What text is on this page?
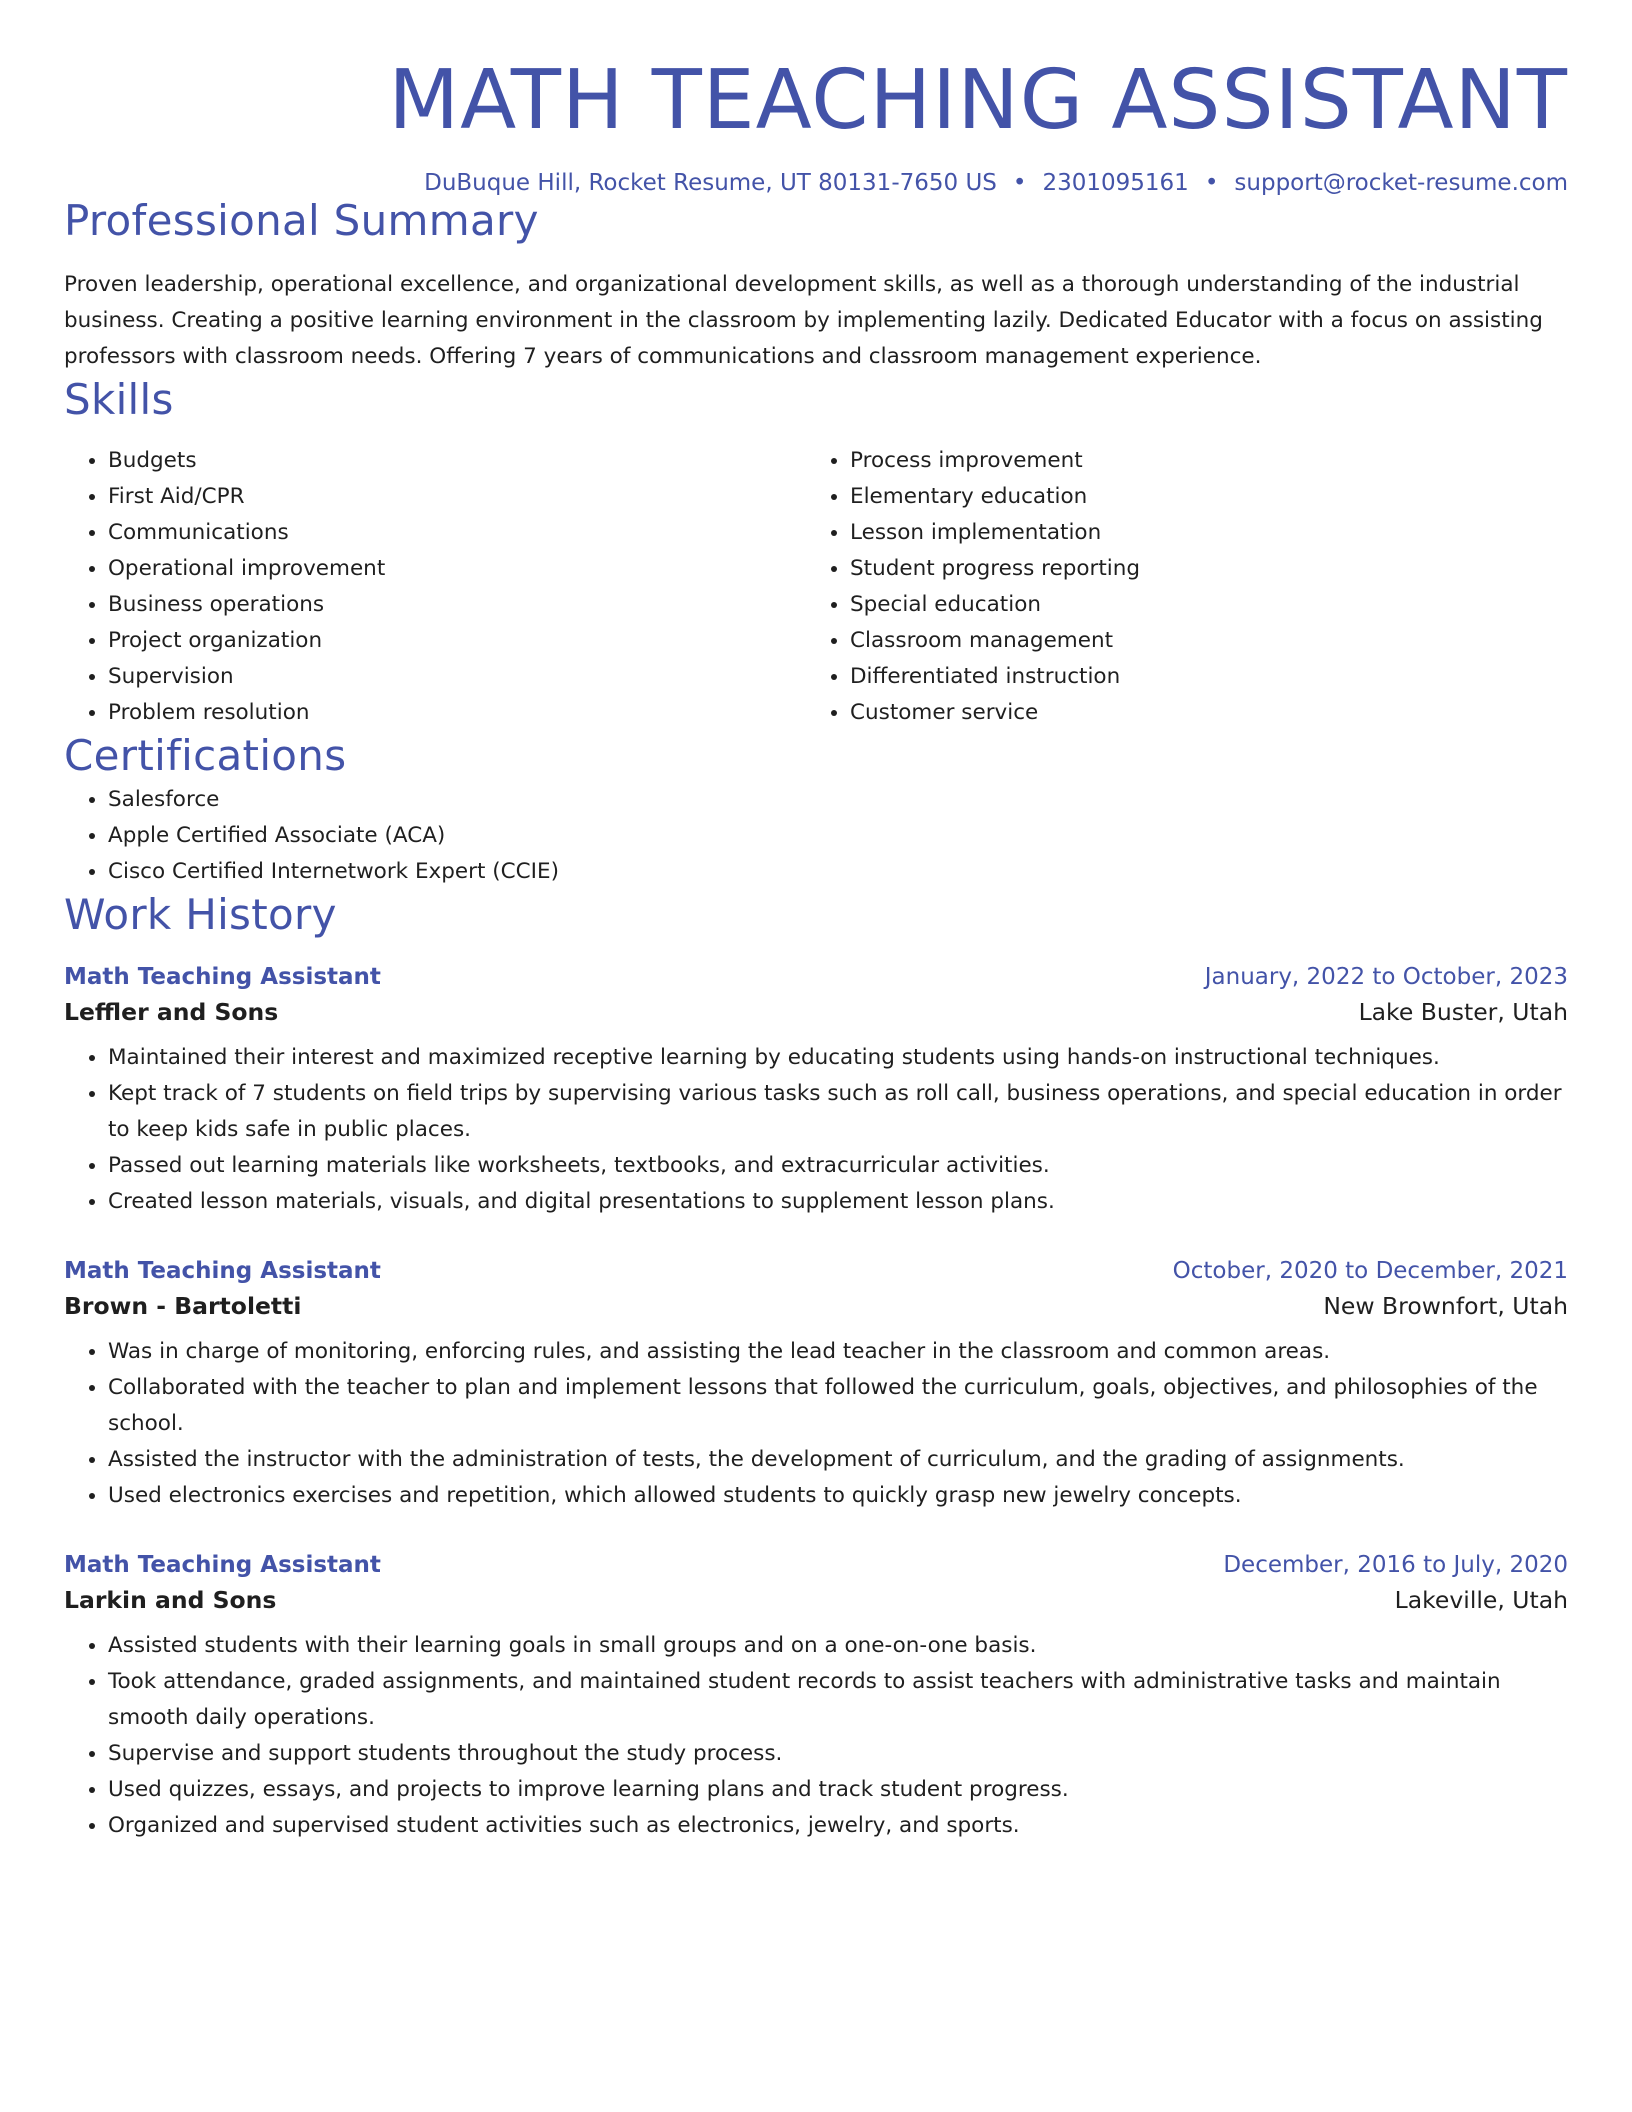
MATH TEACHING ASSISTANT
DuBuque Hill, Rocket Resume, UT 80131-7650 US • 2301095161 • support@rocket-resume.com
Professional Summary
Proven leadership, operational excellence, and organizational development skills, as well as a thorough understanding of the industrial business. Creating a positive learning environment in the classroom by implementing lazily. Dedicated Educator with a focus on assisting professors with classroom needs. Offering 7 years of communications and classroom management experience.
Skills
• Budgets
• First Aid/CPR
• Communications
• Operational improvement
• Business operations
• Project organization
• Supervision
• Problem resolution
• Process improvement
• Elementary education
• Lesson implementation
• Student progress reporting
• Special education
• Classroom management
• Differentiated instruction
• Customer service
Certifications
• Salesforce
• Apple Certified Associate (ACA)
• Cisco Certified Internetwork Expert (CCIE)
Work History
Math Teaching Assistant	January, 2022 to October, 2023
Leffler and Sons	Lake Buster, Utah
• Maintained their interest and maximized receptive learning by educating students using hands-on instructional techniques.
• Kept track of 7 students on field trips by supervising various tasks such as roll call, business operations, and special education in order to keep kids safe in public places.
• Passed out learning materials like worksheets, textbooks, and extracurricular activities.
• Created lesson materials, visuals, and digital presentations to supplement lesson plans.
Math Teaching Assistant	October, 2020 to December, 2021
Brown - Bartoletti	New Brownfort, Utah
• Was in charge of monitoring, enforcing rules, and assisting the lead teacher in the classroom and common areas.
• Collaborated with the teacher to plan and implement lessons that followed the curriculum, goals, objectives, and philosophies of the school.
• Assisted the instructor with the administration of tests, the development of curriculum, and the grading of assignments.
• Used electronics exercises and repetition, which allowed students to quickly grasp new jewelry concepts.
Math Teaching Assistant	December, 2016 to July, 2020
Larkin and Sons	Lakeville, Utah
• Assisted students with their learning goals in small groups and on a one-on-one basis.
• Took attendance, graded assignments, and maintained student records to assist teachers with administrative tasks and maintain smooth daily operations.
• Supervise and support students throughout the study process.
• Used quizzes, essays, and projects to improve learning plans and track student progress.
• Organized and supervised student activities such as electronics, jewelry, and sports.
